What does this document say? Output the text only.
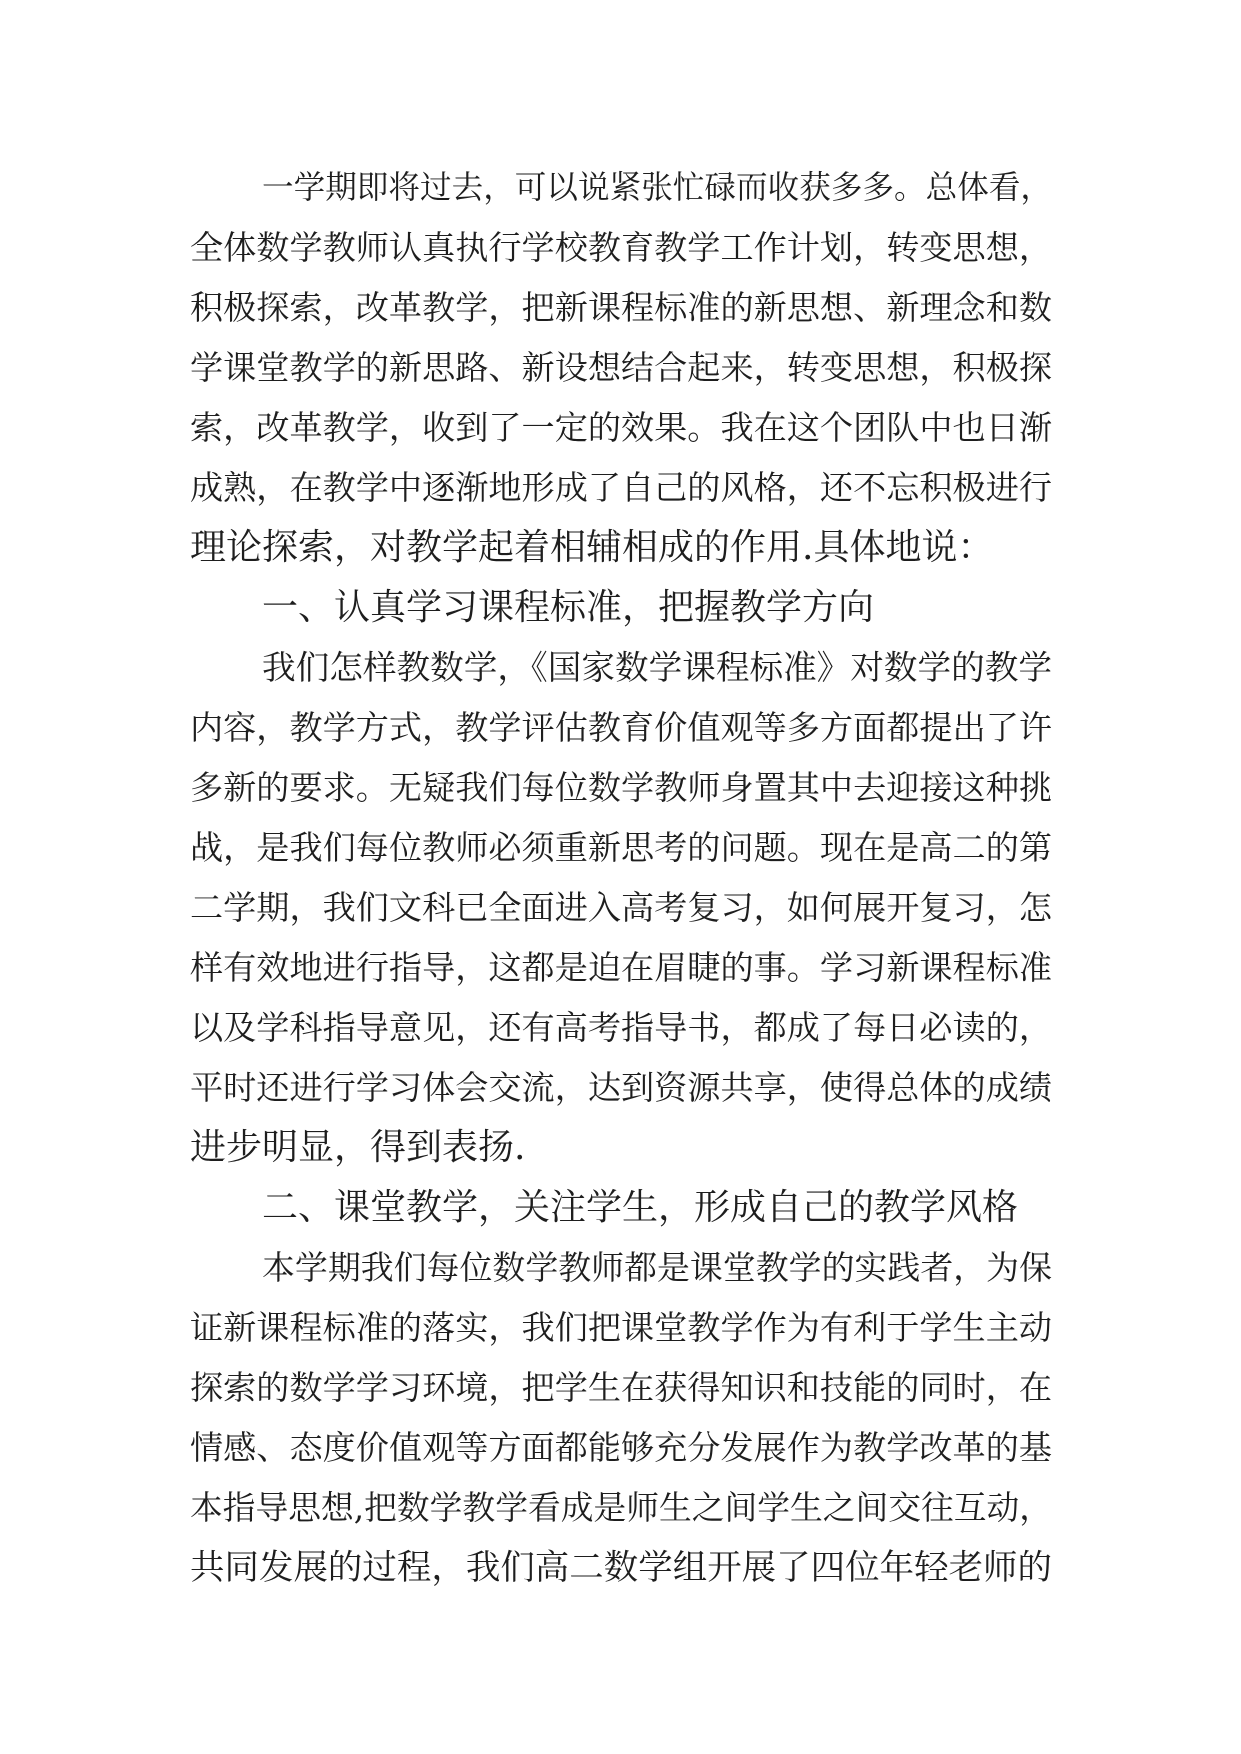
一学期即将过去，可以说紧张忙碌而收获多多。总体看，
全体数学教师认真执行学校教育教学工作计划，转变思想，
积极探索，改革教学，把新课程标准的新思想、新理念和数
学课堂教学的新思路、新设想结合起来，转变思想，积极探
索，改革教学，收到了一定的效果。我在这个团队中也日渐
成熟，在教学中逐渐地形成了自己的风格，还不忘积极进行
理论探索，对教学起着相辅相成的作用.具体地说：
一、认真学习课程标准，把握教学方向
我们怎样教数学，《国家数学课程标准》对数学的教学
内容，教学方式，教学评估教育价值观等多方面都提出了许
多新的要求。无疑我们每位数学教师身置其中去迎接这种挑
战，是我们每位教师必须重新思考的问题。现在是高二的第
二学期，我们文科已全面进入高考复习，如何展开复习，怎
样有效地进行指导，这都是迫在眉睫的事。学习新课程标准
以及学科指导意见，还有高考指导书，都成了每日必读的，
平时还进行学习体会交流，达到资源共享，使得总体的成绩
进步明显，得到表扬.
二、课堂教学，关注学生，形成自己的教学风格
本学期我们每位数学教师都是课堂教学的实践者，为保
证新课程标准的落实，我们把课堂教学作为有利于学生主动
探索的数学学习环境，把学生在获得知识和技能的同时，在
情感、态度价值观等方面都能够充分发展作为教学改革的基
本指导思想,把数学教学看成是师生之间学生之间交往互动，
共同发展的过程，我们高二数学组开展了四位年轻老师的
